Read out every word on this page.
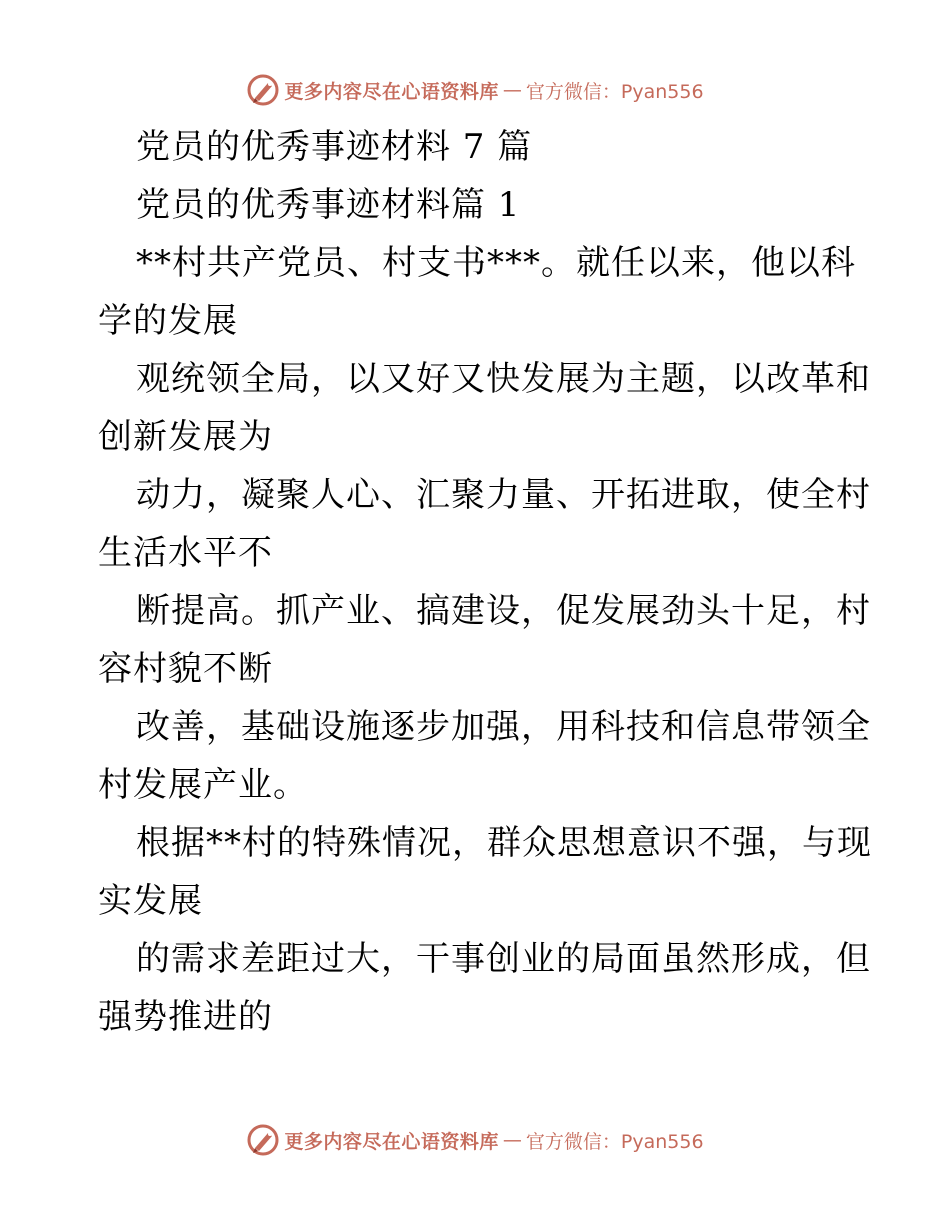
更多内容尽在心语资料库 — 官方微信：Pyan556
党员的优秀事迹材料 7 篇
党员的优秀事迹材料篇 1
**村共产党员、村支书***。就任以来，他以科
学的发展
观统领全局，以又好又快发展为主题，以改革和
创新发展为
动力，凝聚人心、汇聚力量、开拓进取，使全村
生活水平不
断提高。抓产业、搞建设，促发展劲头十足，村
容村貌不断
改善，基础设施逐步加强，用科技和信息带领全
村发展产业。
根据**村的特殊情况，群众思想意识不强，与现
实发展
的需求差距过大，干事创业的局面虽然形成，但
强势推进的
更多内容尽在心语资料库 — 官方微信：Pyan556
